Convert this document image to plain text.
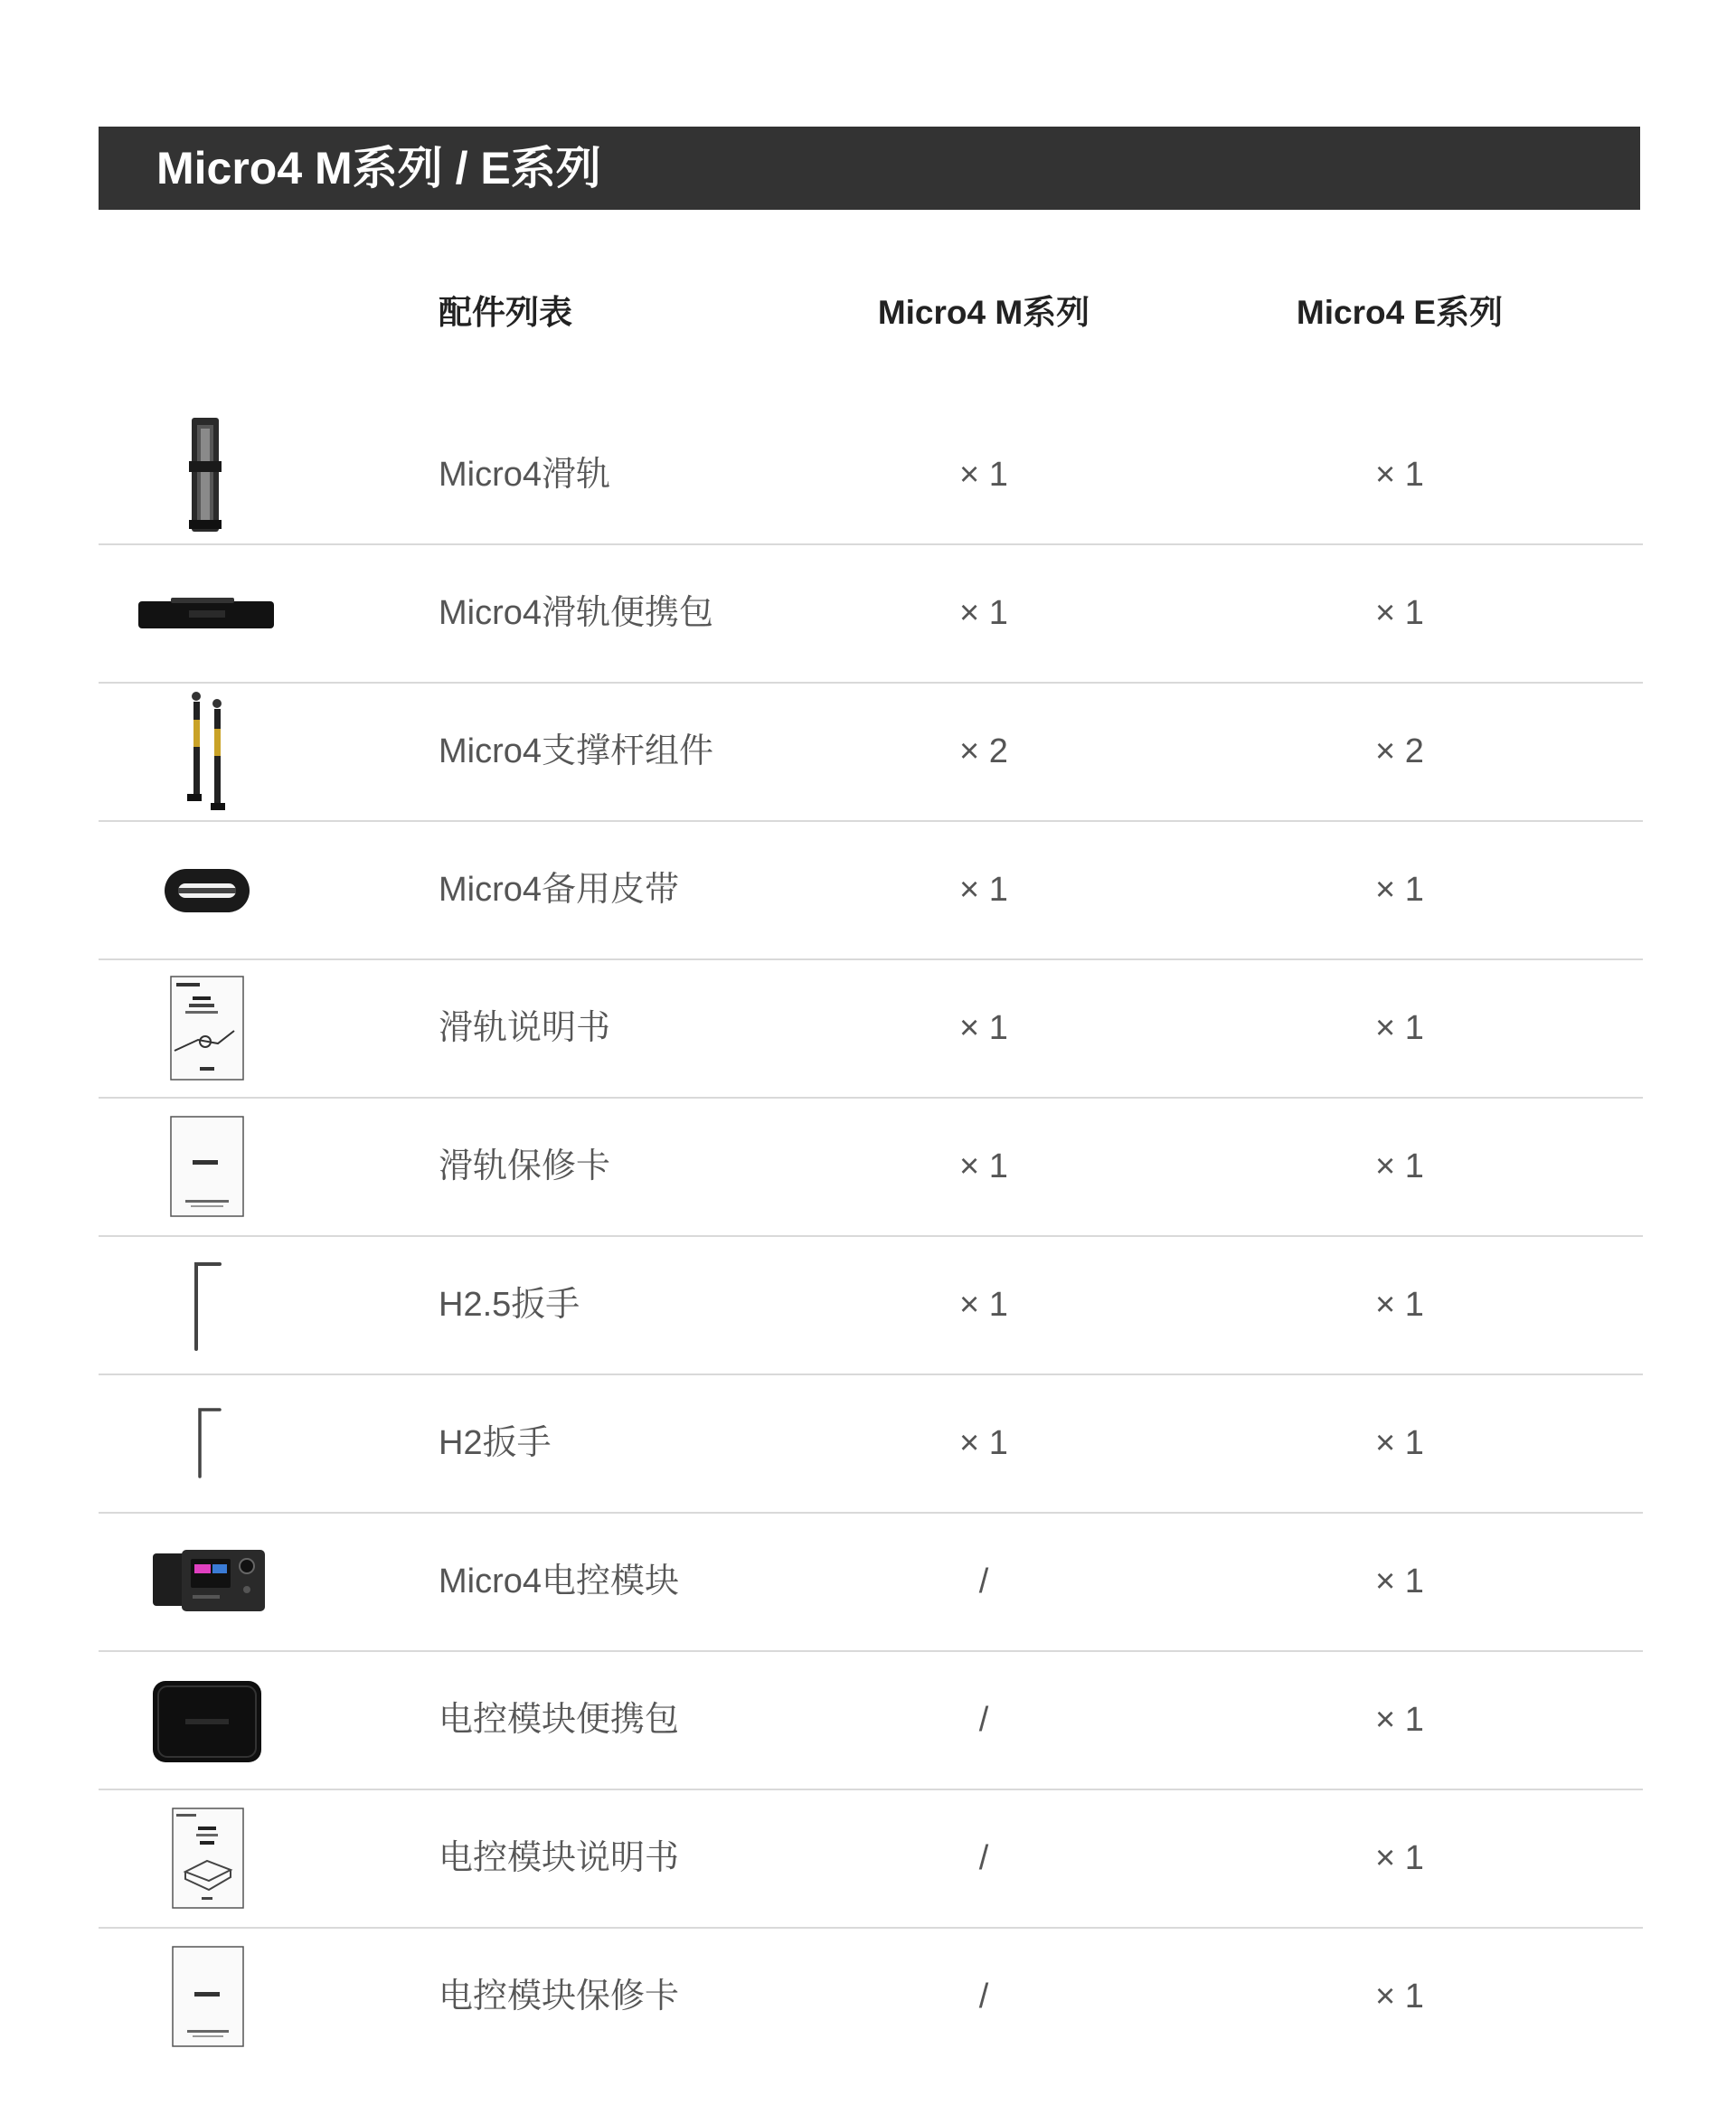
Micro4 M系列 / E系列
配件列表	Micro4 M系列	Micro4 E系列
Micro4滑轨	× 1	× 1
Micro4滑轨便携包	× 1	× 1
Micro4支撑杆组件	× 2	× 2
Micro4备用皮带	× 1	× 1
滑轨说明书	× 1	× 1
滑轨保修卡	× 1	× 1
H2.5扳手	× 1	× 1
H2扳手	× 1	× 1
Micro4电控模块	/	× 1
电控模块便携包	/	× 1
电控模块说明书	/	× 1
电控模块保修卡	/	× 1
